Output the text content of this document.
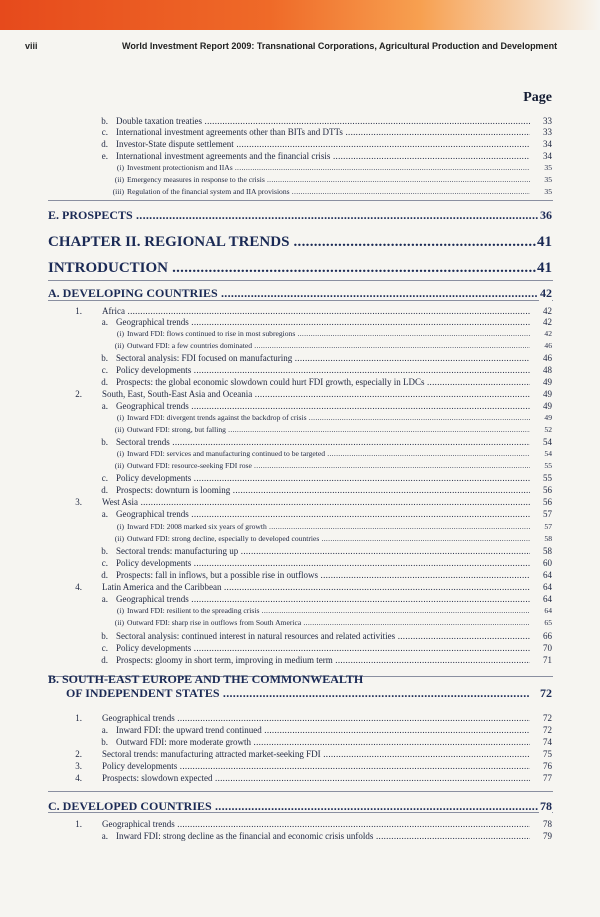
viii	World Investment Report 2009: Transnational Corporations, Agricultural Production and Development
Page
b. Double taxation treaties .....	33
c. International investment agreements other than BITs and DTTs .....	33
d. Investor-State dispute settlement .....	34
e. International investment agreements and the financial crisis .....	34
(i) Investment protectionism and IIAs .....	35
(ii) Emergency measures in response to the crisis .....	35
(iii) Regulation of the financial system and IIA provisions .....	35
E. PROSPECTS .....	36
CHAPTER II. REGIONAL TRENDS .....	41
INTRODUCTION .....	41
A. DEVELOPING COUNTRIES .....	42
1. Africa .....	42
a. Geographical trends .....	42
(i) Inward FDI: flows continued to rise in most subregions .....	42
(ii) Outward FDI: a few countries dominated .....	46
b. Sectoral analysis: FDI focused on manufacturing .....	46
c. Policy developments .....	48
d. Prospects: the global economic slowdown could hurt FDI growth, especially in LDCs .....	49
2. South, East, South-East Asia and Oceania .....	49
a. Geographical trends .....	49
(i) Inward FDI: divergent trends against the backdrop of crisis .....	49
(ii) Outward FDI: strong, but falling .....	52
b. Sectoral trends .....	54
(i) Inward FDI: services and manufacturing continued to be targeted .....	54
(ii) Outward FDI: resource-seeking FDI rose .....	55
c. Policy developments .....	55
d. Prospects: downturn is looming .....	56
3. West Asia .....	56
a. Geographical trends .....	57
(i) Inward FDI: 2008 marked six years of growth .....	57
(ii) Outward FDI: strong decline, especially to developed countries .....	58
b. Sectoral trends: manufacturing up .....	58
c. Policy developments .....	60
d. Prospects: fall in inflows, but a possible rise in outflows .....	64
4. Latin America and the Caribbean .....	64
a. Geographical trends .....	64
(i) Inward FDI: resilient to the spreading crisis .....	64
(ii) Outward FDI: sharp rise in outflows from South America .....	65
b. Sectoral analysis: continued interest in natural resources and related activities .....	66
c. Policy developments .....	70
d. Prospects: gloomy in short term, improving in medium term .....	71
B. SOUTH-EAST EUROPE AND THE COMMONWEALTH
OF INDEPENDENT STATES .....	72
1. Geographical trends .....	72
a. Inward FDI: the upward trend continued .....	72
b. Outward FDI: more moderate growth .....	74
2. Sectoral trends: manufacturing attracted market-seeking FDI .....	75
3. Policy developments .....	76
4. Prospects: slowdown expected .....	77
C. DEVELOPED COUNTRIES .....	78
1. Geographical trends .....	78
a. Inward FDI: strong decline as the financial and economic crisis unfolds .....	79
